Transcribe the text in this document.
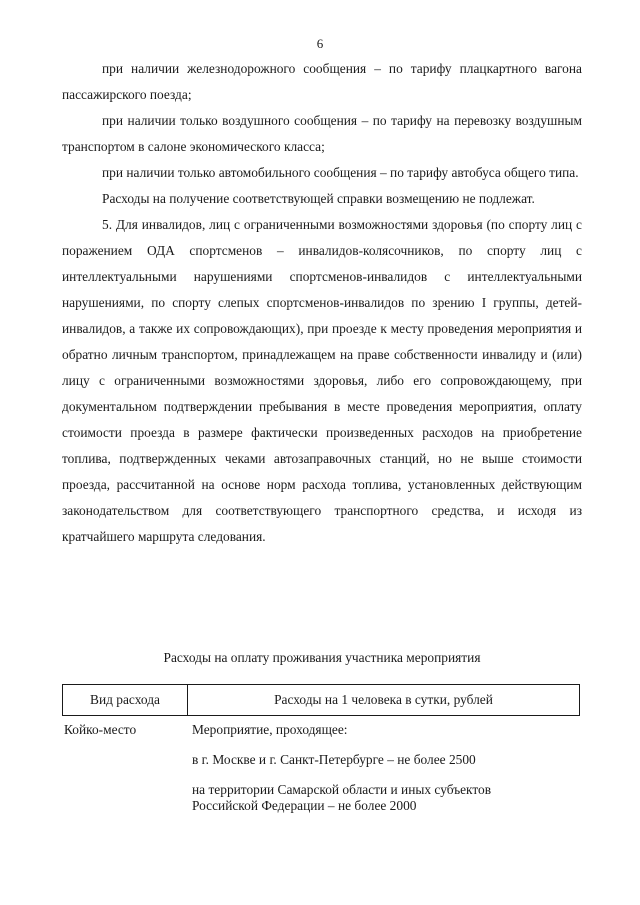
6

при наличии железнодорожного сообщения – по тарифу плацкартного вагона пассажирского поезда;

при наличии только воздушного сообщения – по тарифу на перевозку воздушным транспортом в салоне экономического класса;

при наличии только автомобильного сообщения – по тарифу автобуса общего типа.

Расходы на получение соответствующей справки возмещению не подлежат.

5. Для инвалидов, лиц с ограниченными возможностями здоровья (по спорту лиц с поражением ОДА спортсменов – инвалидов-колясочников, по спорту лиц с интеллектуальными нарушениями спортсменов-инвалидов с интеллектуальными нарушениями, по спорту слепых спортсменов-инвалидов по зрению I группы, детей-инвалидов, а также их сопровождающих), при проезде к месту проведения мероприятия и обратно личным транспортом, принадлежащем на праве собственности инвалиду и (или) лицу с ограниченными возможностями здоровья, либо его сопровождающему, при документальном подтверждении пребывания в месте проведения мероприятия, оплату стоимости проезда в размере фактически произведенных расходов на приобретение топлива, подтвержденных чеками автозаправочных станций, но не выше стоимости проезда, рассчитанной на основе норм расхода топлива, установленных действующим законодательством для соответствующего транспортного средства, и исходя из кратчайшего маршрута следования.

Расходы на оплату проживания участника мероприятия
Вид расхода	Расходы на 1 человека в сутки, рублей
Койко-место	Мероприятие, проходящее:
в г. Москве и г. Санкт-Петербурге – не более 2500
на территории Самарской области и иных субъектов Российской Федерации – не более 2000
